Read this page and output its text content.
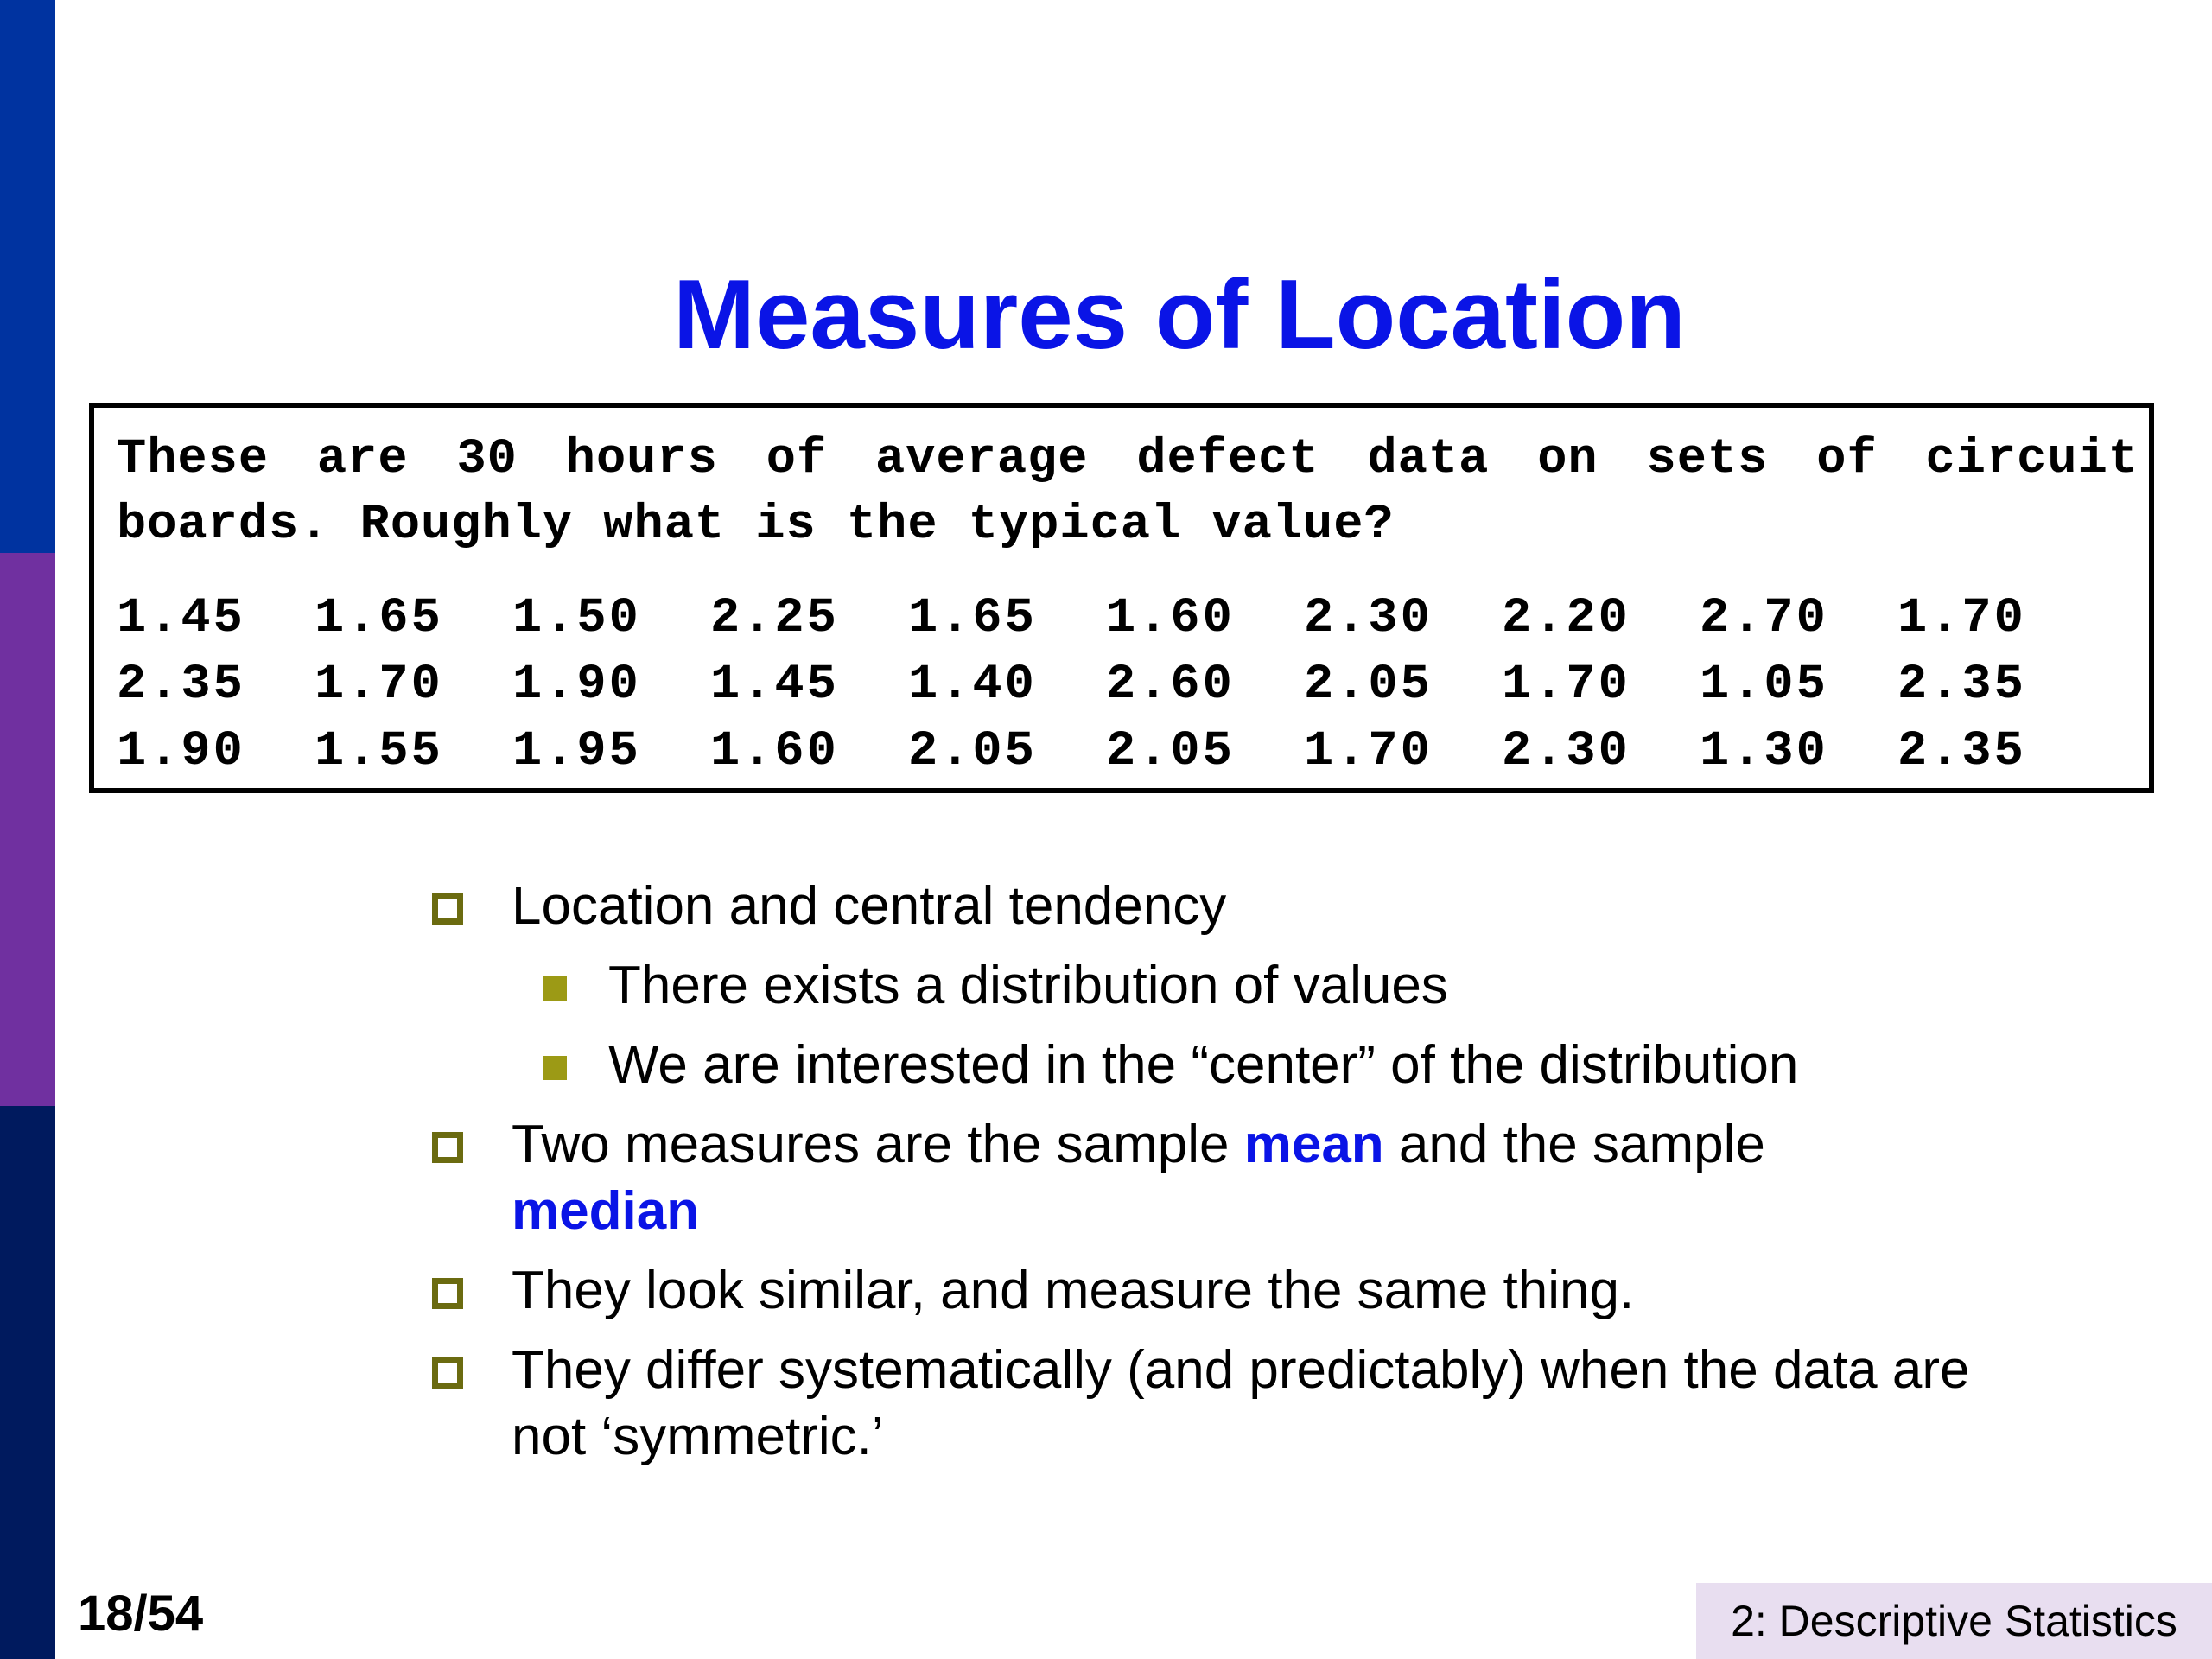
Measures of Location

These are 30 hours of average defect data on sets of circuit boards. Roughly what is the typical value?

1.45	1.65	1.50	2.25	1.65	1.60	2.30	2.20	2.70	1.70
2.35	1.70	1.90	1.45	1.40	2.60	2.05	1.70	1.05	2.35
1.90	1.55	1.95	1.60	2.05	2.05	1.70	2.30	1.30	2.35
Location and central tendency
There exists a distribution of values
We are interested in the “center” of the distribution
Two measures are the sample mean and the sample
median
They look similar, and measure the same thing.
They differ systematically (and predictably) when the data are not ‘symmetric.’
18/54	2: Descriptive Statistics
